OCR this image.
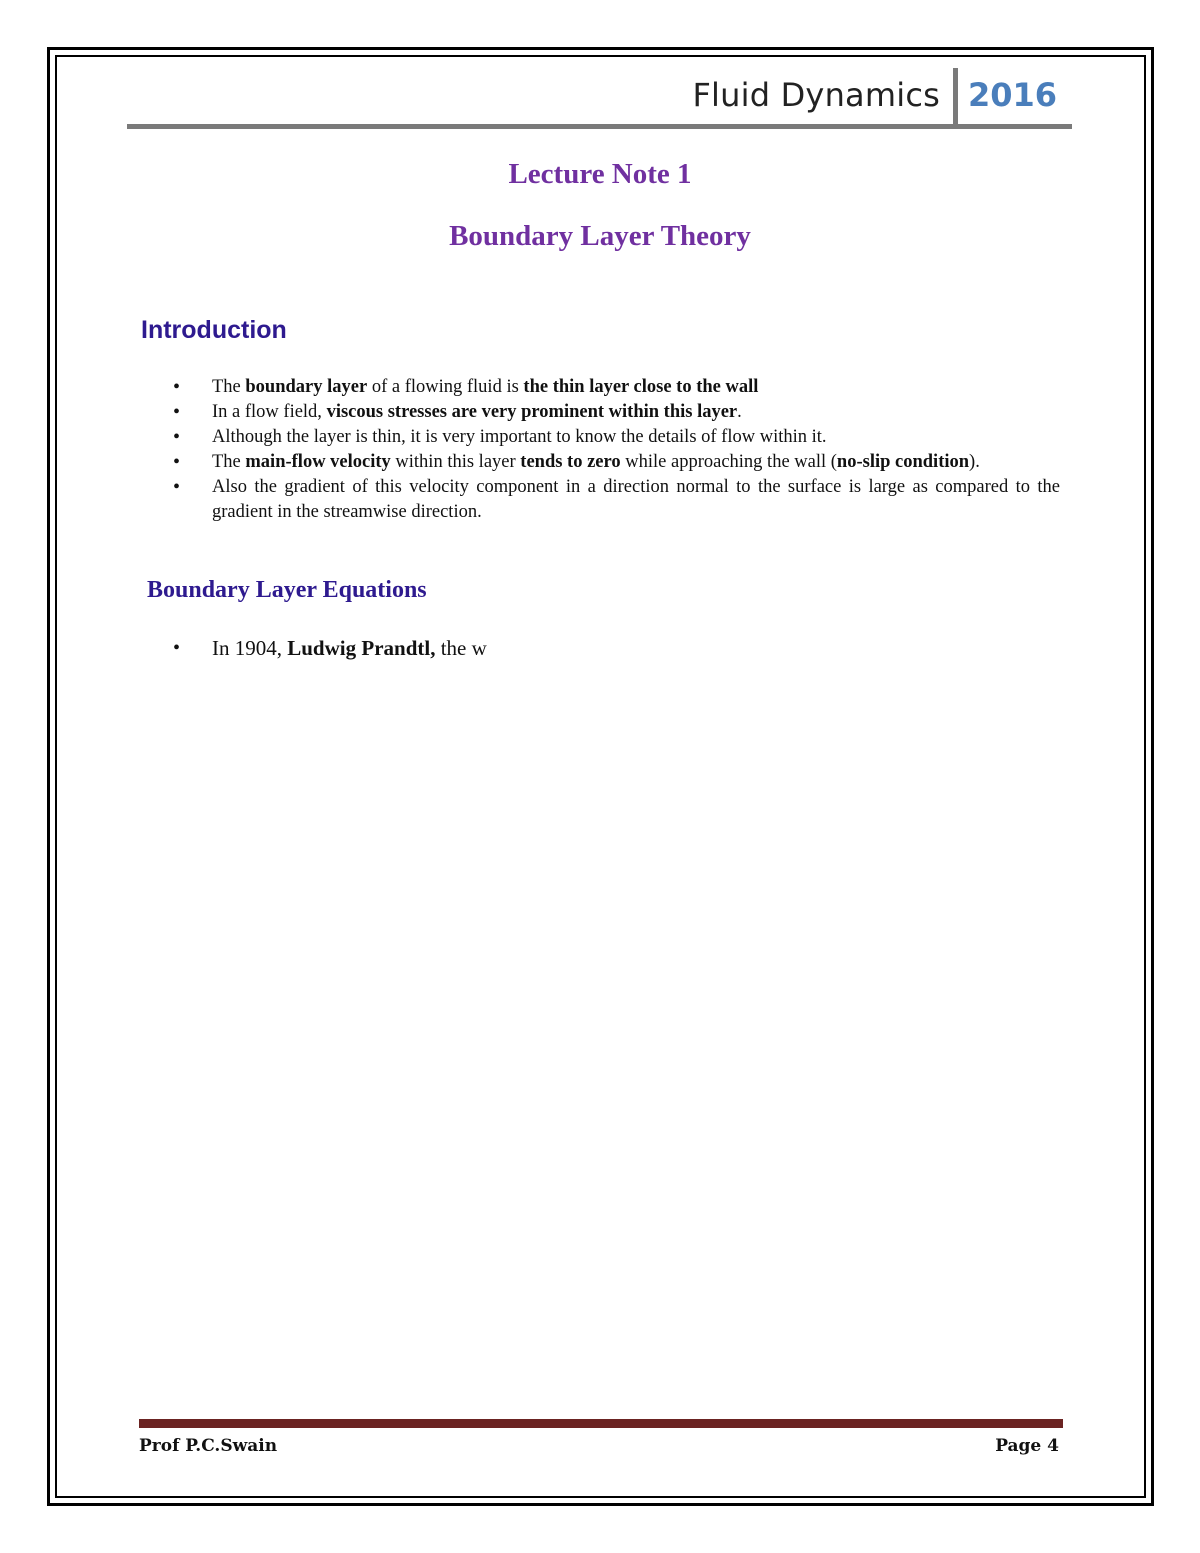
Fluid Dynamics 2016
Lecture Note 1
Boundary Layer Theory
Introduction
• The boundary layer of a flowing fluid is the thin layer close to the wall
• In a flow field, viscous stresses are very prominent within this layer.
• Although the layer is thin, it is very important to know the details of flow within it.
• The main-flow velocity within this layer tends to zero while approaching the wall (no-slip condition).
• Also the gradient of this velocity component in a direction normal to the surface is large as compared to the gradient in the streamwise direction.
Boundary Layer Equations
• In 1904, Ludwig Prandtl, the w
Prof P.C.Swain	Page 4
